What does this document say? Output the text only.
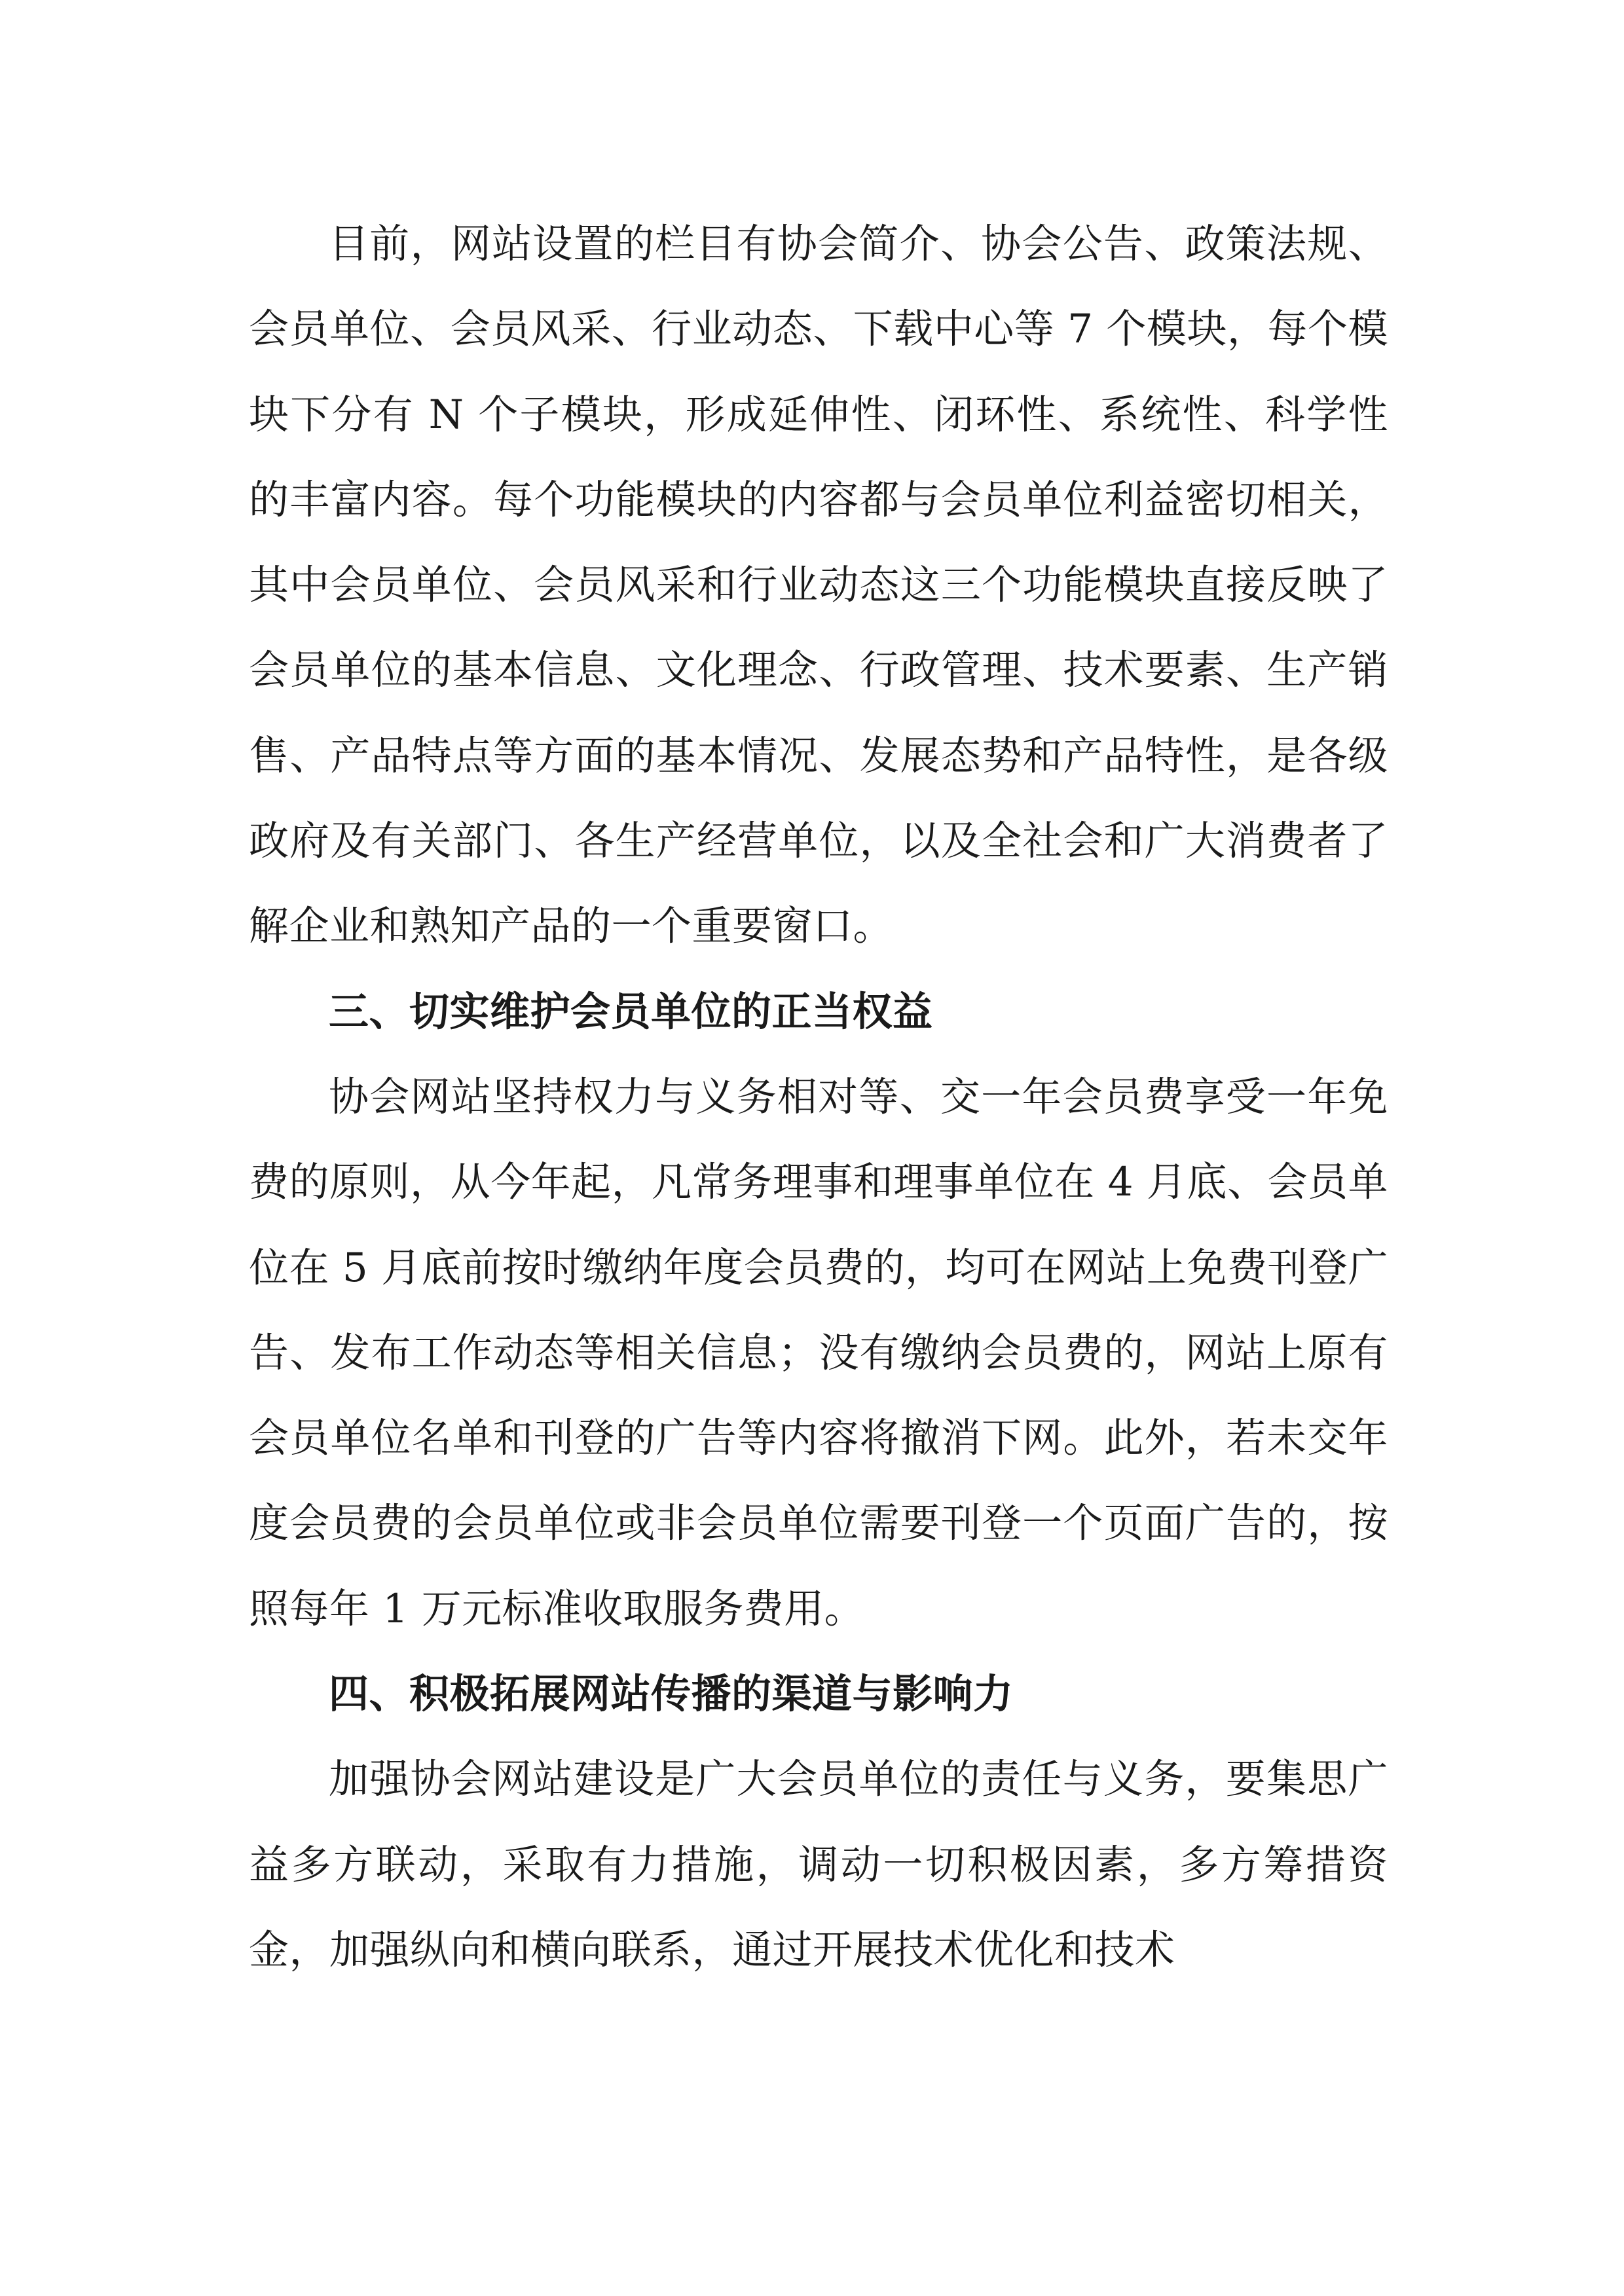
目前，网站设置的栏目有协会简介、协会公告、政策法规、会员单位、会员风采、行业动态、下载中心等 7 个模块，每个模块下分有 N 个子模块，形成延伸性、闭环性、系统性、科学性的丰富内容。每个功能模块的内容都与会员单位利益密切相关，其中会员单位、会员风采和行业动态这三个功能模块直接反映了会员单位的基本信息、文化理念、行政管理、技术要素、生产销售、产品特点等方面的基本情况、发展态势和产品特性，是各级政府及有关部门、各生产经营单位，以及全社会和广大消费者了解企业和熟知产品的一个重要窗口。

三、切实维护会员单位的正当权益

协会网站坚持权力与义务相对等、交一年会员费享受一年免费的原则，从今年起，凡常务理事和理事单位在 4 月底、会员单位在 5 月底前按时缴纳年度会员费的，均可在网站上免费刊登广告、发布工作动态等相关信息；没有缴纳会员费的，网站上原有会员单位名单和刊登的广告等内容将撤消下网。此外，若未交年度会员费的会员单位或非会员单位需要刊登一个页面广告的，按照每年 1 万元标准收取服务费用。

四、积极拓展网站传播的渠道与影响力

加强协会网站建设是广大会员单位的责任与义务，要集思广益多方联动，采取有力措施，调动一切积极因素，多方筹措资金，加强纵向和横向联系，通过开展技术优化和技术
